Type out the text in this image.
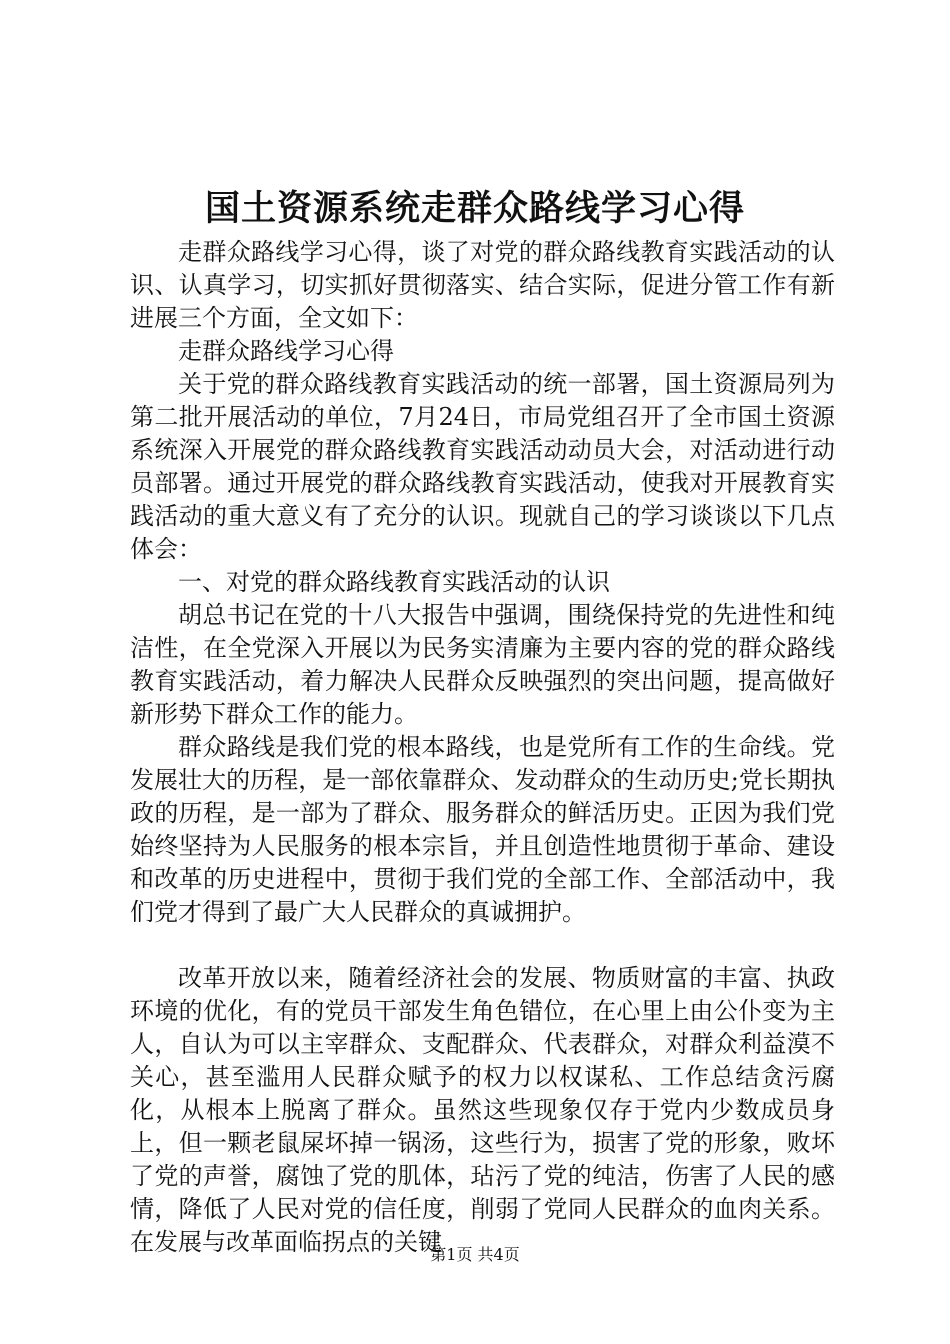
国土资源系统走群众路线学习心得

走群众路线学习心得，谈了对党的群众路线教育实践活动的认识、认真学习，切实抓好贯彻落实、结合实际，促进分管工作有新进展三个方面，全文如下：

走群众路线学习心得

关于党的群众路线教育实践活动的统一部署，国土资源局列为第二批开展活动的单位，7月24日，市局党组召开了全市国土资源系统深入开展党的群众路线教育实践活动动员大会，对活动进行动员部署。通过开展党的群众路线教育实践活动，使我对开展教育实践活动的重大意义有了充分的认识。现就自己的学习谈谈以下几点体会：

一、对党的群众路线教育实践活动的认识

胡总书记在党的十八大报告中强调，围绕保持党的先进性和纯洁性，在全党深入开展以为民务实清廉为主要内容的党的群众路线教育实践活动，着力解决人民群众反映强烈的突出问题，提高做好新形势下群众工作的能力。

群众路线是我们党的根本路线，也是党所有工作的生命线。党发展壮大的历程，是一部依靠群众、发动群众的生动历史;党长期执政的历程，是一部为了群众、服务群众的鲜活历史。正因为我们党始终坚持为人民服务的根本宗旨，并且创造性地贯彻于革命、建设和改革的历史进程中，贯彻于我们党的全部工作、全部活动中，我们党才得到了最广大人民群众的真诚拥护。

改革开放以来，随着经济社会的发展、物质财富的丰富、执政环境的优化，有的党员干部发生角色错位，在心里上由公仆变为主人，自认为可以主宰群众、支配群众、代表群众，对群众利益漠不关心，甚至滥用人民群众赋予的权力以权谋私、工作总结贪污腐化，从根本上脱离了群众。虽然这些现象仅存于党内少数成员身上，但一颗老鼠屎坏掉一锅汤，这些行为，损害了党的形象，败坏了党的声誉，腐蚀了党的肌体，玷污了党的纯洁，伤害了人民的感情，降低了人民对党的信任度，削弱了党同人民群众的血肉关系。在发展与改革面临拐点的关键

第1页 共4页
